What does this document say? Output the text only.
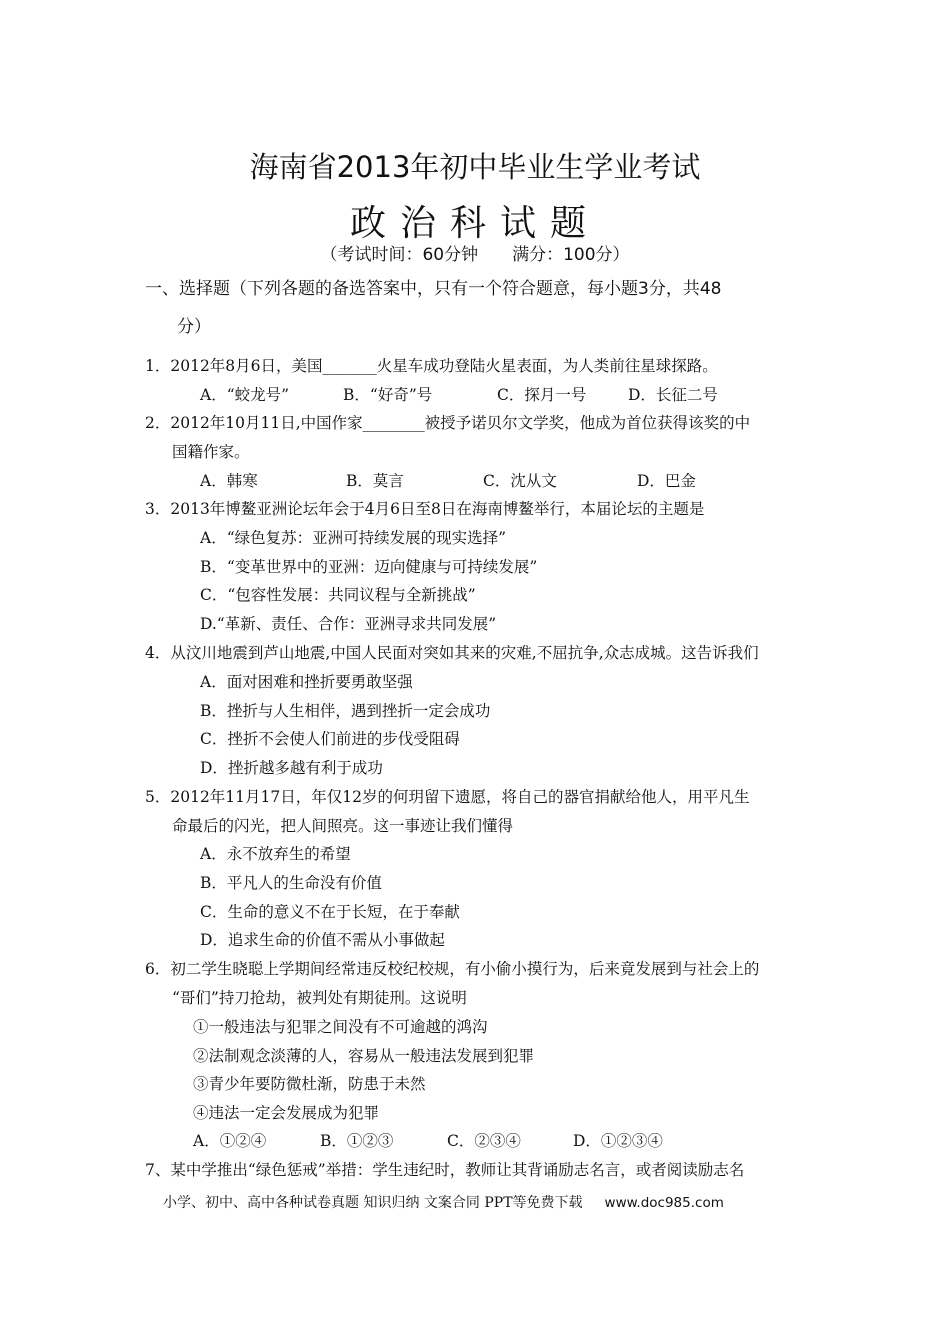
海南省2013年初中毕业生学业考试
政治科试题
（考试时间：60分钟 满分：100分）
一、选择题（下列各题的备选答案中，只有一个符合题意，每小题3分，共48
分）
1．2012年8月6日，美国_______火星车成功登陆火星表面，为人类前往星球探路。
A．“蛟龙号”	B．“好奇”号	C．探月一号	D．长征二号
2．2012年10月11日,中国作家________被授予诺贝尔文学奖，他成为首位获得该奖的中
国籍作家。
A．韩寒	B．莫言	C．沈从文	D．巴金
3．2013年博鳌亚洲论坛年会于4月6日至8日在海南博鳌举行，本届论坛的主题是
A．“绿色复苏：亚洲可持续发展的现实选择”
B．“变革世界中的亚洲：迈向健康与可持续发展”
C．“包容性发展：共同议程与全新挑战”
D.“革新、责任、合作：亚洲寻求共同发展”
4．从汶川地震到芦山地震,中国人民面对突如其来的灾难,不屈抗争,众志成城。这告诉我们
A．面对困难和挫折要勇敢坚强
B．挫折与人生相伴，遇到挫折一定会成功
C．挫折不会使人们前进的步伐受阻碍
D．挫折越多越有利于成功
5．2012年11月17日，年仅12岁的何玥留下遗愿，将自己的器官捐献给他人，用平凡生
命最后的闪光，把人间照亮。这一事迹让我们懂得
A．永不放弃生的希望
B．平凡人的生命没有价值
C．生命的意义不在于长短，在于奉献
D．追求生命的价值不需从小事做起
6．初二学生晓聪上学期间经常违反校纪校规，有小偷小摸行为，后来竟发展到与社会上的
“哥们”持刀抢劫，被判处有期徒刑。这说明
①一般违法与犯罪之间没有不可逾越的鸿沟
②法制观念淡薄的人，容易从一般违法发展到犯罪
③青少年要防微杜渐，防患于未然
④违法一定会发展成为犯罪
A．①②④	B．①②③	C．②③④	D．①②③④
7、某中学推出“绿色惩戒”举措：学生违纪时，教师让其背诵励志名言，或者阅读励志名
小学、初中、高中各种试卷真题 知识归纳 文案合同 PPT等免费下载 www.doc985.com
